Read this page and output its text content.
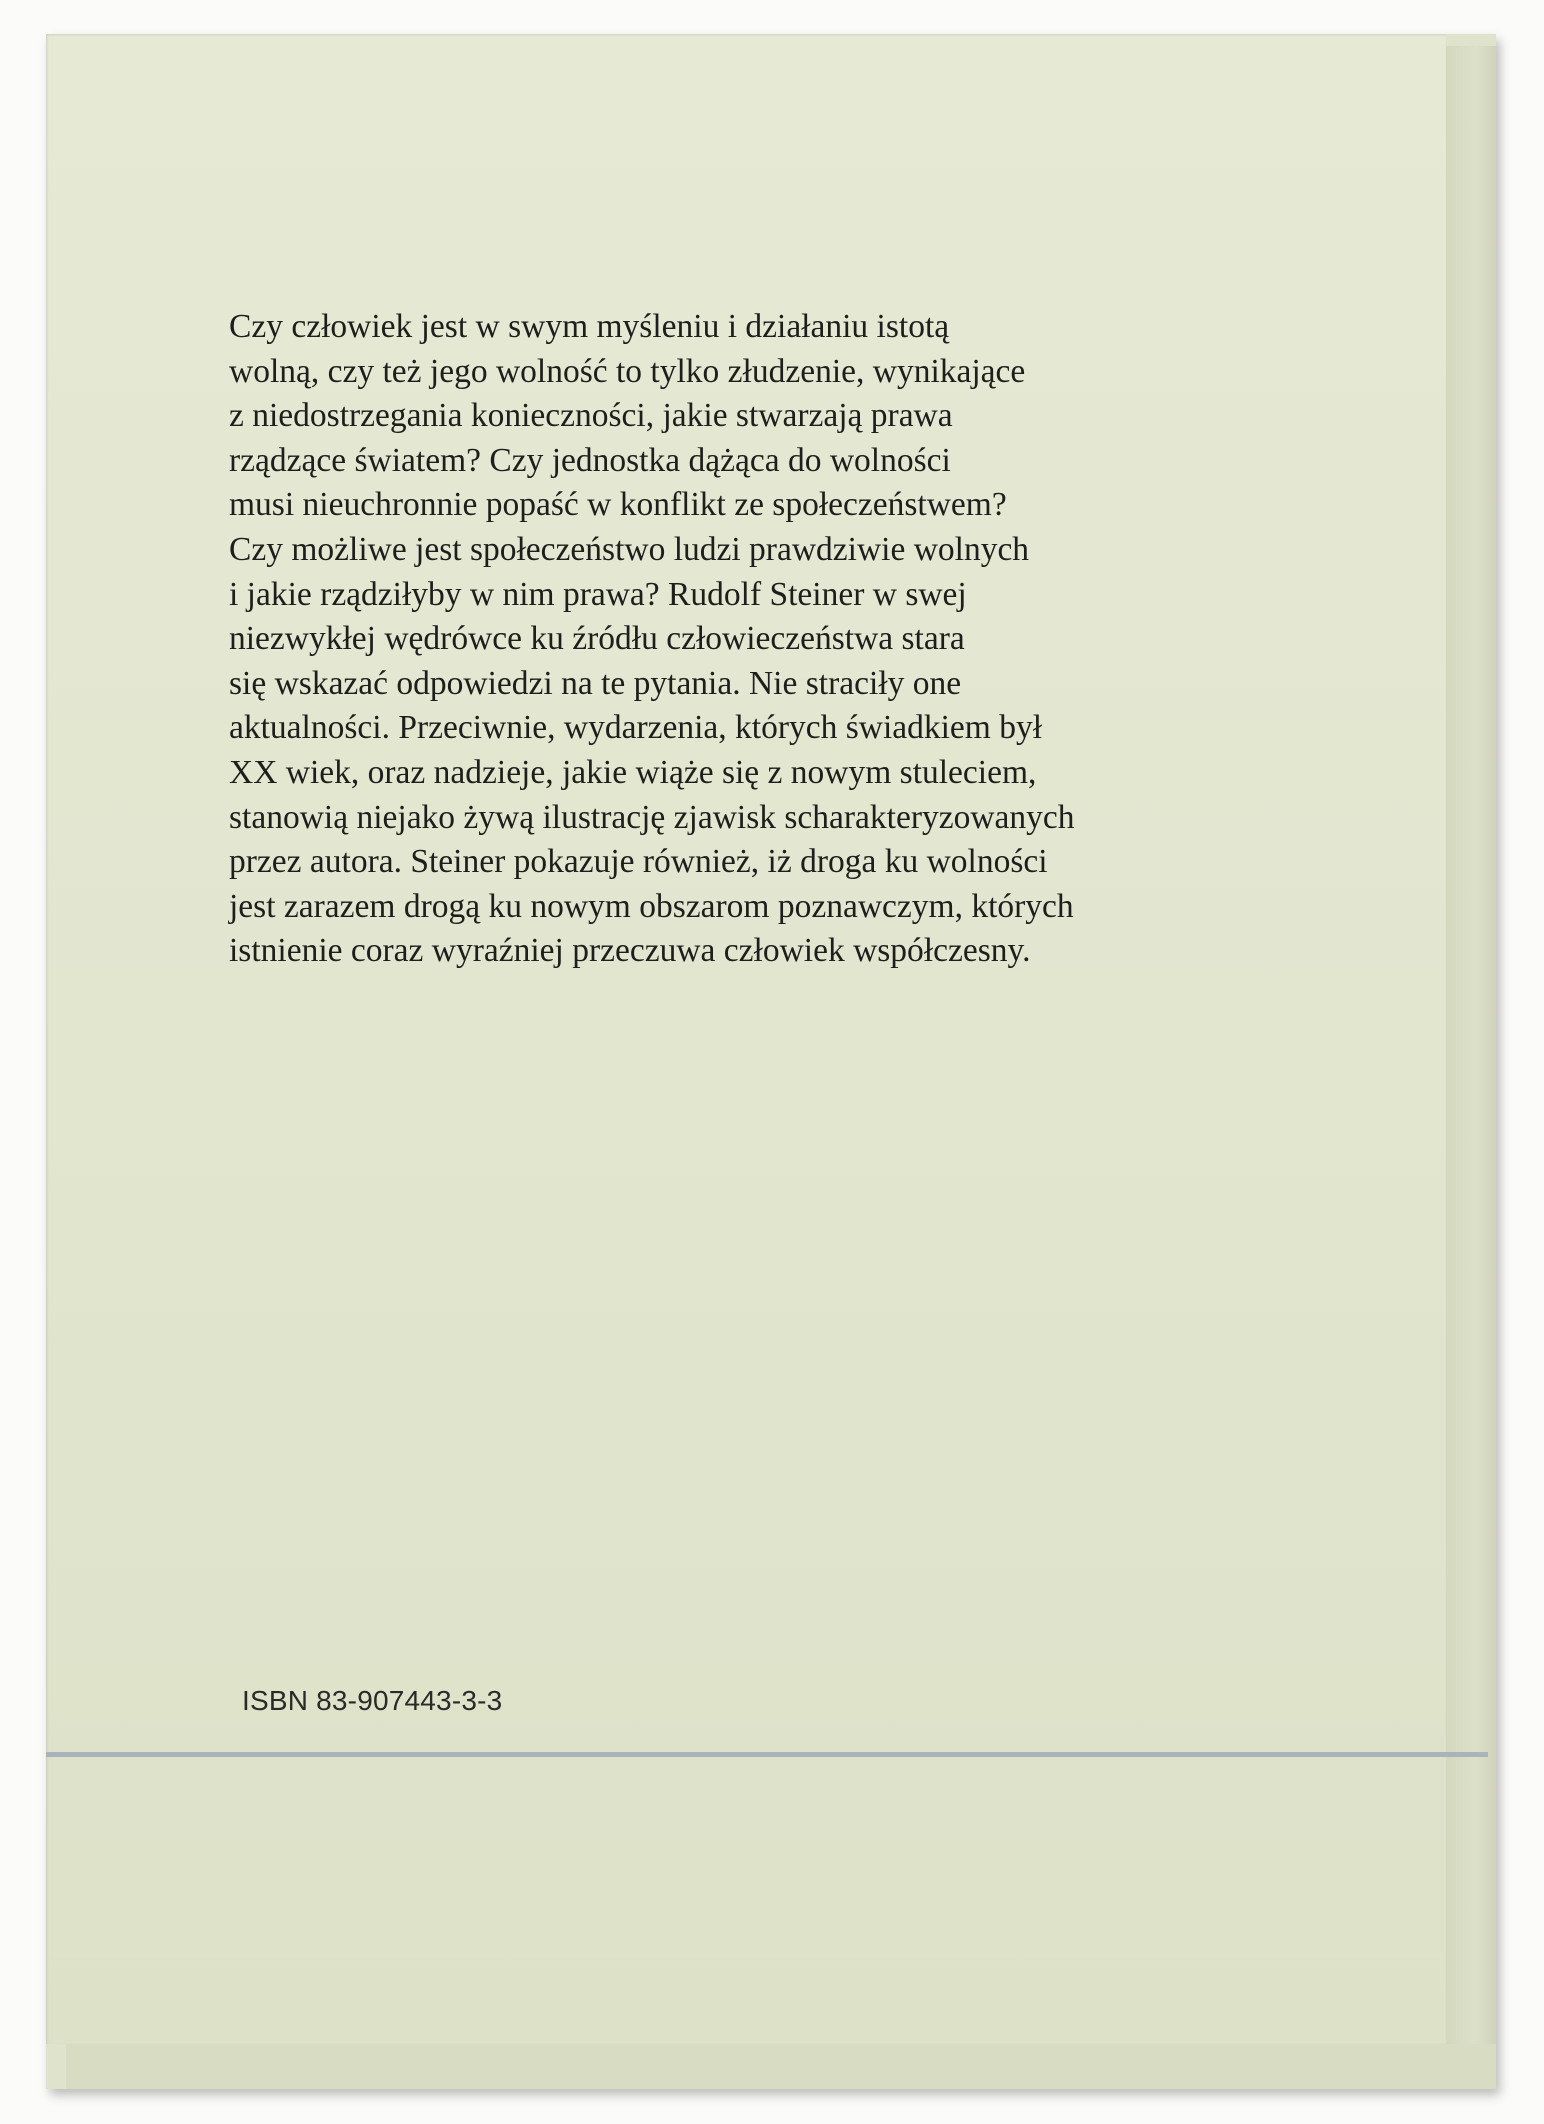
Czy człowiek jest w swym myśleniu i działaniu istotą
wolną, czy też jego wolność to tylko złudzenie, wynikające
z niedostrzegania konieczności, jakie stwarzają prawa
rządzące światem? Czy jednostka dążąca do wolności
musi nieuchronnie popaść w konflikt ze społeczeństwem?
Czy możliwe jest społeczeństwo ludzi prawdziwie wolnych
i jakie rządziłyby w nim prawa? Rudolf Steiner w swej
niezwykłej wędrówce ku źródłu człowieczeństwa stara
się wskazać odpowiedzi na te pytania. Nie straciły one
aktualności. Przeciwnie, wydarzenia, których świadkiem był
XX wiek, oraz nadzieje, jakie wiąże się z nowym stuleciem,
stanowią niejako żywą ilustrację zjawisk scharakteryzowanych
przez autora. Steiner pokazuje również, iż droga ku wolności
jest zarazem drogą ku nowym obszarom poznawczym, których
istnienie coraz wyraźniej przeczuwa człowiek współczesny.
ISBN 83-907443-3-3
